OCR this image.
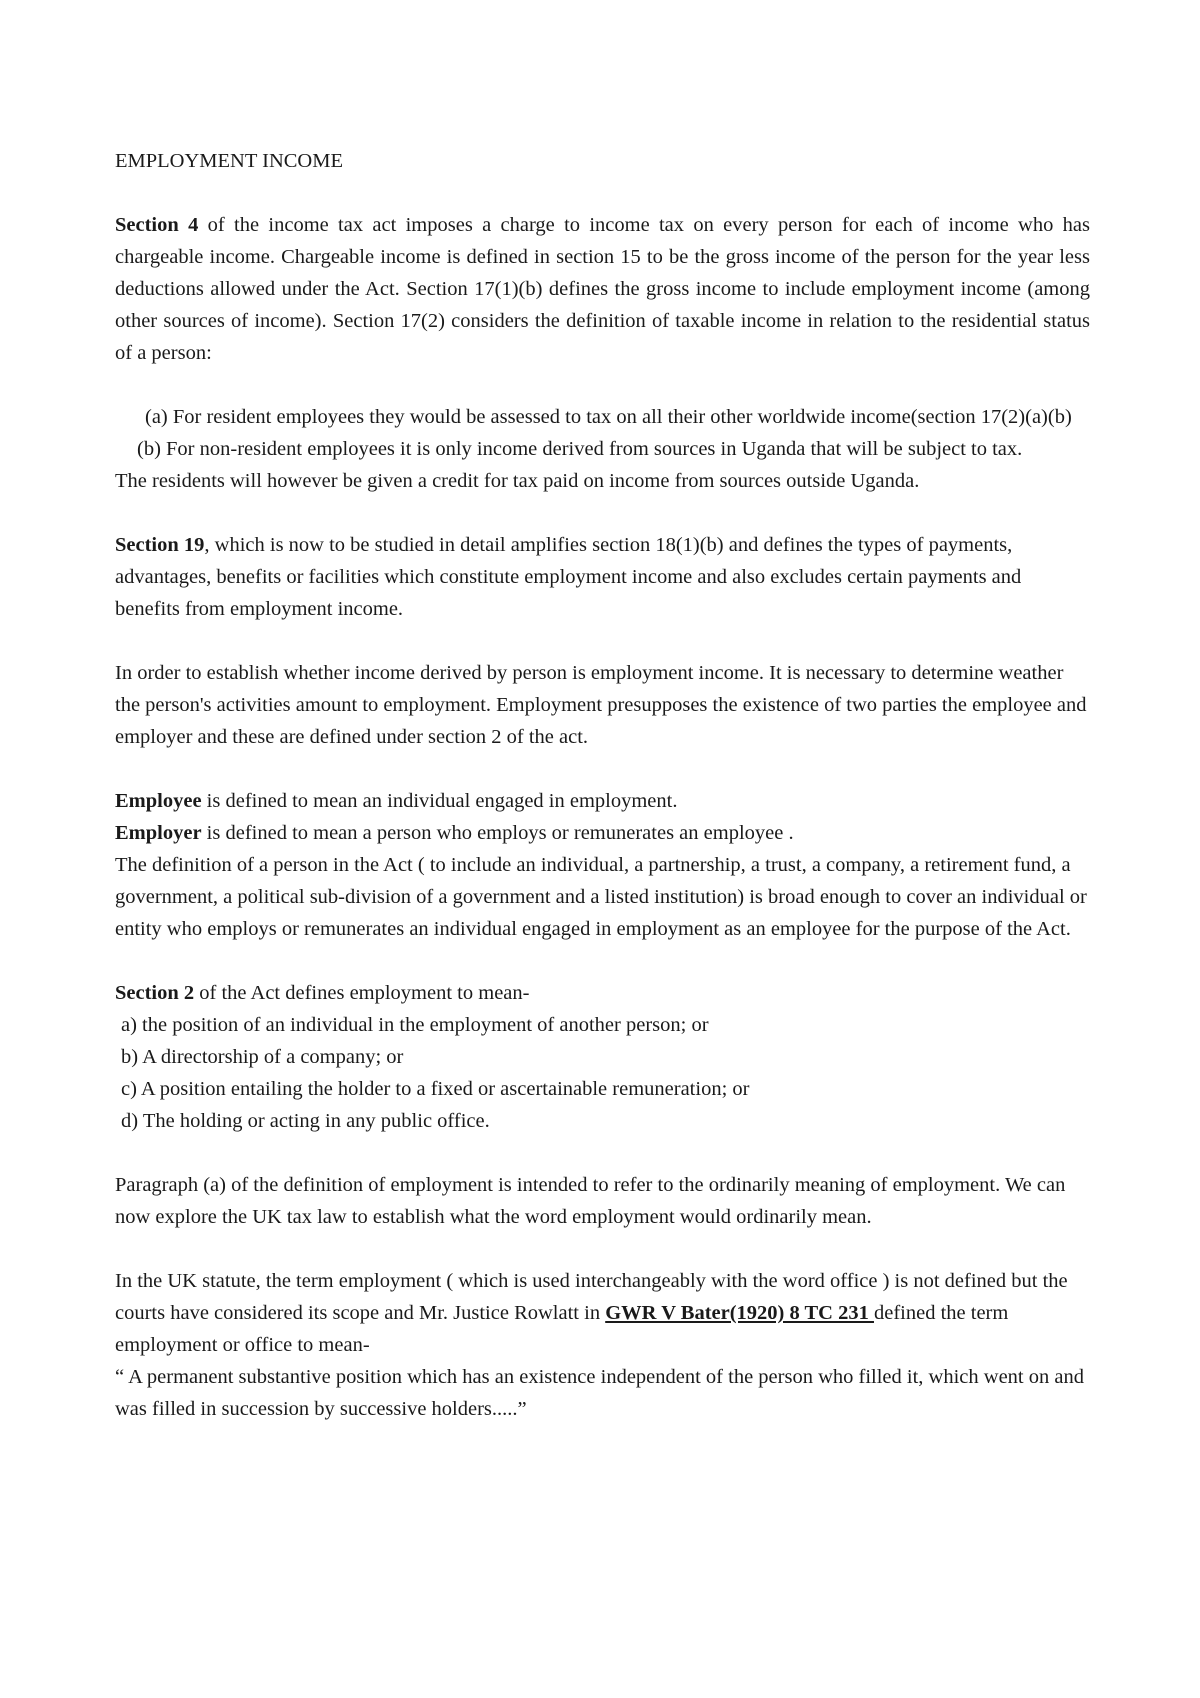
EMPLOYMENT INCOME

Section 4 of the income tax act imposes a charge to income tax on every person for each of income who has chargeable income. Chargeable income is defined in section 15 to be the gross income of the person for the year less deductions allowed under the Act. Section 17(1)(b) defines the gross income to include employment income (among other sources of income). Section 17(2) considers the definition of taxable income in relation to the residential status of a person:

(a) For resident employees they would be assessed to tax on all their other worldwide income(section 17(2)(a)(b)

(b) For non-resident employees it is only income derived from sources in Uganda that will be subject to tax.

The residents will however be given a credit for tax paid on income from sources outside Uganda.

Section 19, which is now to be studied in detail amplifies section 18(1)(b) and defines the types of payments, advantages, benefits or facilities which constitute employment income and also excludes certain payments and benefits from employment income.

In order to establish whether income derived by person is employment income. It is necessary to determine weather the person's activities amount to employment. Employment presupposes the existence of two parties the employee and employer and these are defined under section 2 of the act.

Employee is defined to mean an individual engaged in employment.

Employer is defined to mean a person who employs or remunerates an employee .

The definition of a person in the Act ( to include an individual, a partnership, a trust, a company, a retirement fund, a government, a political sub-division of a government and a listed institution) is broad enough to cover an individual or entity who employs or remunerates an individual engaged in employment as an employee for the purpose of the Act.

Section 2 of the Act defines employment to mean-

a) the position of an individual in the employment of another person; or

b) A directorship of a company; or

c) A position entailing the holder to a fixed or ascertainable remuneration; or

d) The holding or acting in any public office.

Paragraph (a) of the definition of employment is intended to refer to the ordinarily meaning of employment. We can now explore the UK tax law to establish what the word employment would ordinarily mean.

In the UK statute, the term employment ( which is used interchangeably with the word office ) is not defined but the courts have considered its scope and Mr. Justice Rowlatt in GWR V Bater(1920) 8 TC 231 defined the term employment or office to mean-

“ A permanent substantive position which has an existence independent of the person who filled it, which went on and was filled in succession by successive holders.....”
